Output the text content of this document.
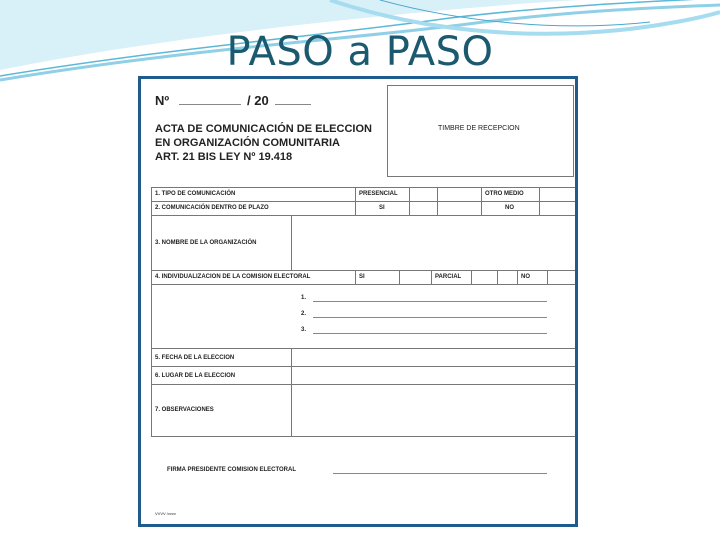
PASO a PASO
Nº	/ 20
ACTA DE COMUNICACIÓN DE ELECCION
EN ORGANIZACIÓN COMUNITARIA
ART. 21 BIS LEY Nº 19.418
TIMBRE DE RECEPCION
1. TIPO DE COMUNICACIÓN	PRESENCIAL	OTRO MEDIO
2. COMUNICACIÓN DENTRO DE PLAZO	SI	NO
3. NOMBRE DE LA ORGANIZACIÓN
4. INDIVIDUALIZACION DE LA COMISION ELECTORAL	SI	PARCIAL	NO
1.
2.
3.
5. FECHA DE LA ELECCION
6. LUGAR DE LA ELECCION
7. OBSERVACIONES
FIRMA PRESIDENTE COMISION ELECTORAL
VVVV /vvvv
